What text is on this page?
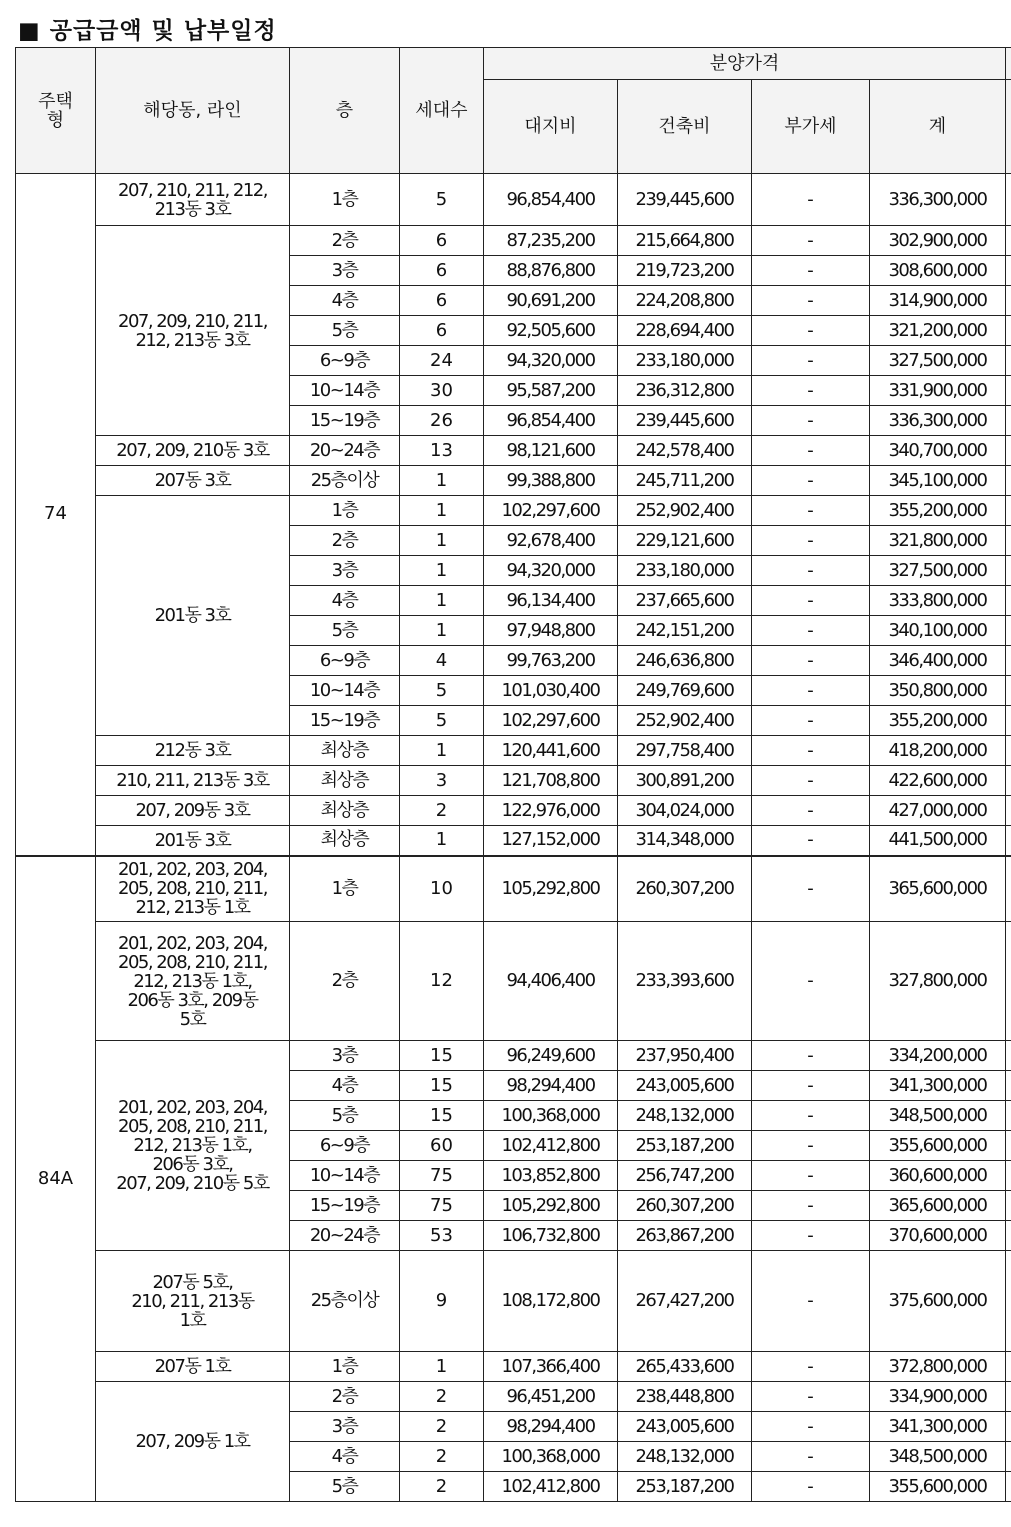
■ 공급금액 및 납부일정
주택
형	해당동, 라인	층	세대수	분양가격				
				대지비	건축비	부가세	계	
74	207, 210, 211, 212,
213동 3호	1층	5	96,854,400	239,445,600	-	336,300,000	
	207, 209, 210, 211,
212, 213동 3호	2층	6	87,235,200	215,664,800	-	302,900,000	
		3층	6	88,876,800	219,723,200	-	308,600,000	
		4층	6	90,691,200	224,208,800	-	314,900,000	
		5층	6	92,505,600	228,694,400	-	321,200,000	
		6~9층	24	94,320,000	233,180,000	-	327,500,000	
		10~14층	30	95,587,200	236,312,800	-	331,900,000	
		15~19층	26	96,854,400	239,445,600	-	336,300,000	
	207, 209, 210동 3호	20~24층	13	98,121,600	242,578,400	-	340,700,000	
	207동 3호	25층이상	1	99,388,800	245,711,200	-	345,100,000	
	201동 3호	1층	1	102,297,600	252,902,400	-	355,200,000	
		2층	1	92,678,400	229,121,600	-	321,800,000	
		3층	1	94,320,000	233,180,000	-	327,500,000	
		4층	1	96,134,400	237,665,600	-	333,800,000	
		5층	1	97,948,800	242,151,200	-	340,100,000	
		6~9층	4	99,763,200	246,636,800	-	346,400,000	
		10~14층	5	101,030,400	249,769,600	-	350,800,000	
		15~19층	5	102,297,600	252,902,400	-	355,200,000	
	212동 3호	최상층	1	120,441,600	297,758,400	-	418,200,000	
	210, 211, 213동 3호	최상층	3	121,708,800	300,891,200	-	422,600,000	
	207, 209동 3호	최상층	2	122,976,000	304,024,000	-	427,000,000	
	201동 3호	최상층	1	127,152,000	314,348,000	-	441,500,000	
84A	201, 202, 203, 204,
205, 208, 210, 211,
212, 213동 1호	1층	10	105,292,800	260,307,200	-	365,600,000	
	201, 202, 203, 204,
205, 208, 210, 211,
212, 213동 1호,
206동 3호, 209동
5호	2층	12	94,406,400	233,393,600	-	327,800,000	
	201, 202, 203, 204,
205, 208, 210, 211,
212, 213동 1호,
206동 3호,
207, 209, 210동 5호	3층	15	96,249,600	237,950,400	-	334,200,000	
		4층	15	98,294,400	243,005,600	-	341,300,000	
		5층	15	100,368,000	248,132,000	-	348,500,000	
		6~9층	60	102,412,800	253,187,200	-	355,600,000	
		10~14층	75	103,852,800	256,747,200	-	360,600,000	
		15~19층	75	105,292,800	260,307,200	-	365,600,000	
		20~24층	53	106,732,800	263,867,200	-	370,600,000	
	207동 5호,
210, 211, 213동
1호	25층이상	9	108,172,800	267,427,200	-	375,600,000	
	207동 1호	1층	1	107,366,400	265,433,600	-	372,800,000	
	207, 209동 1호	2층	2	96,451,200	238,448,800	-	334,900,000	
		3층	2	98,294,400	243,005,600	-	341,300,000	
		4층	2	100,368,000	248,132,000	-	348,500,000	
		5층	2	102,412,800	253,187,200	-	355,600,000	
